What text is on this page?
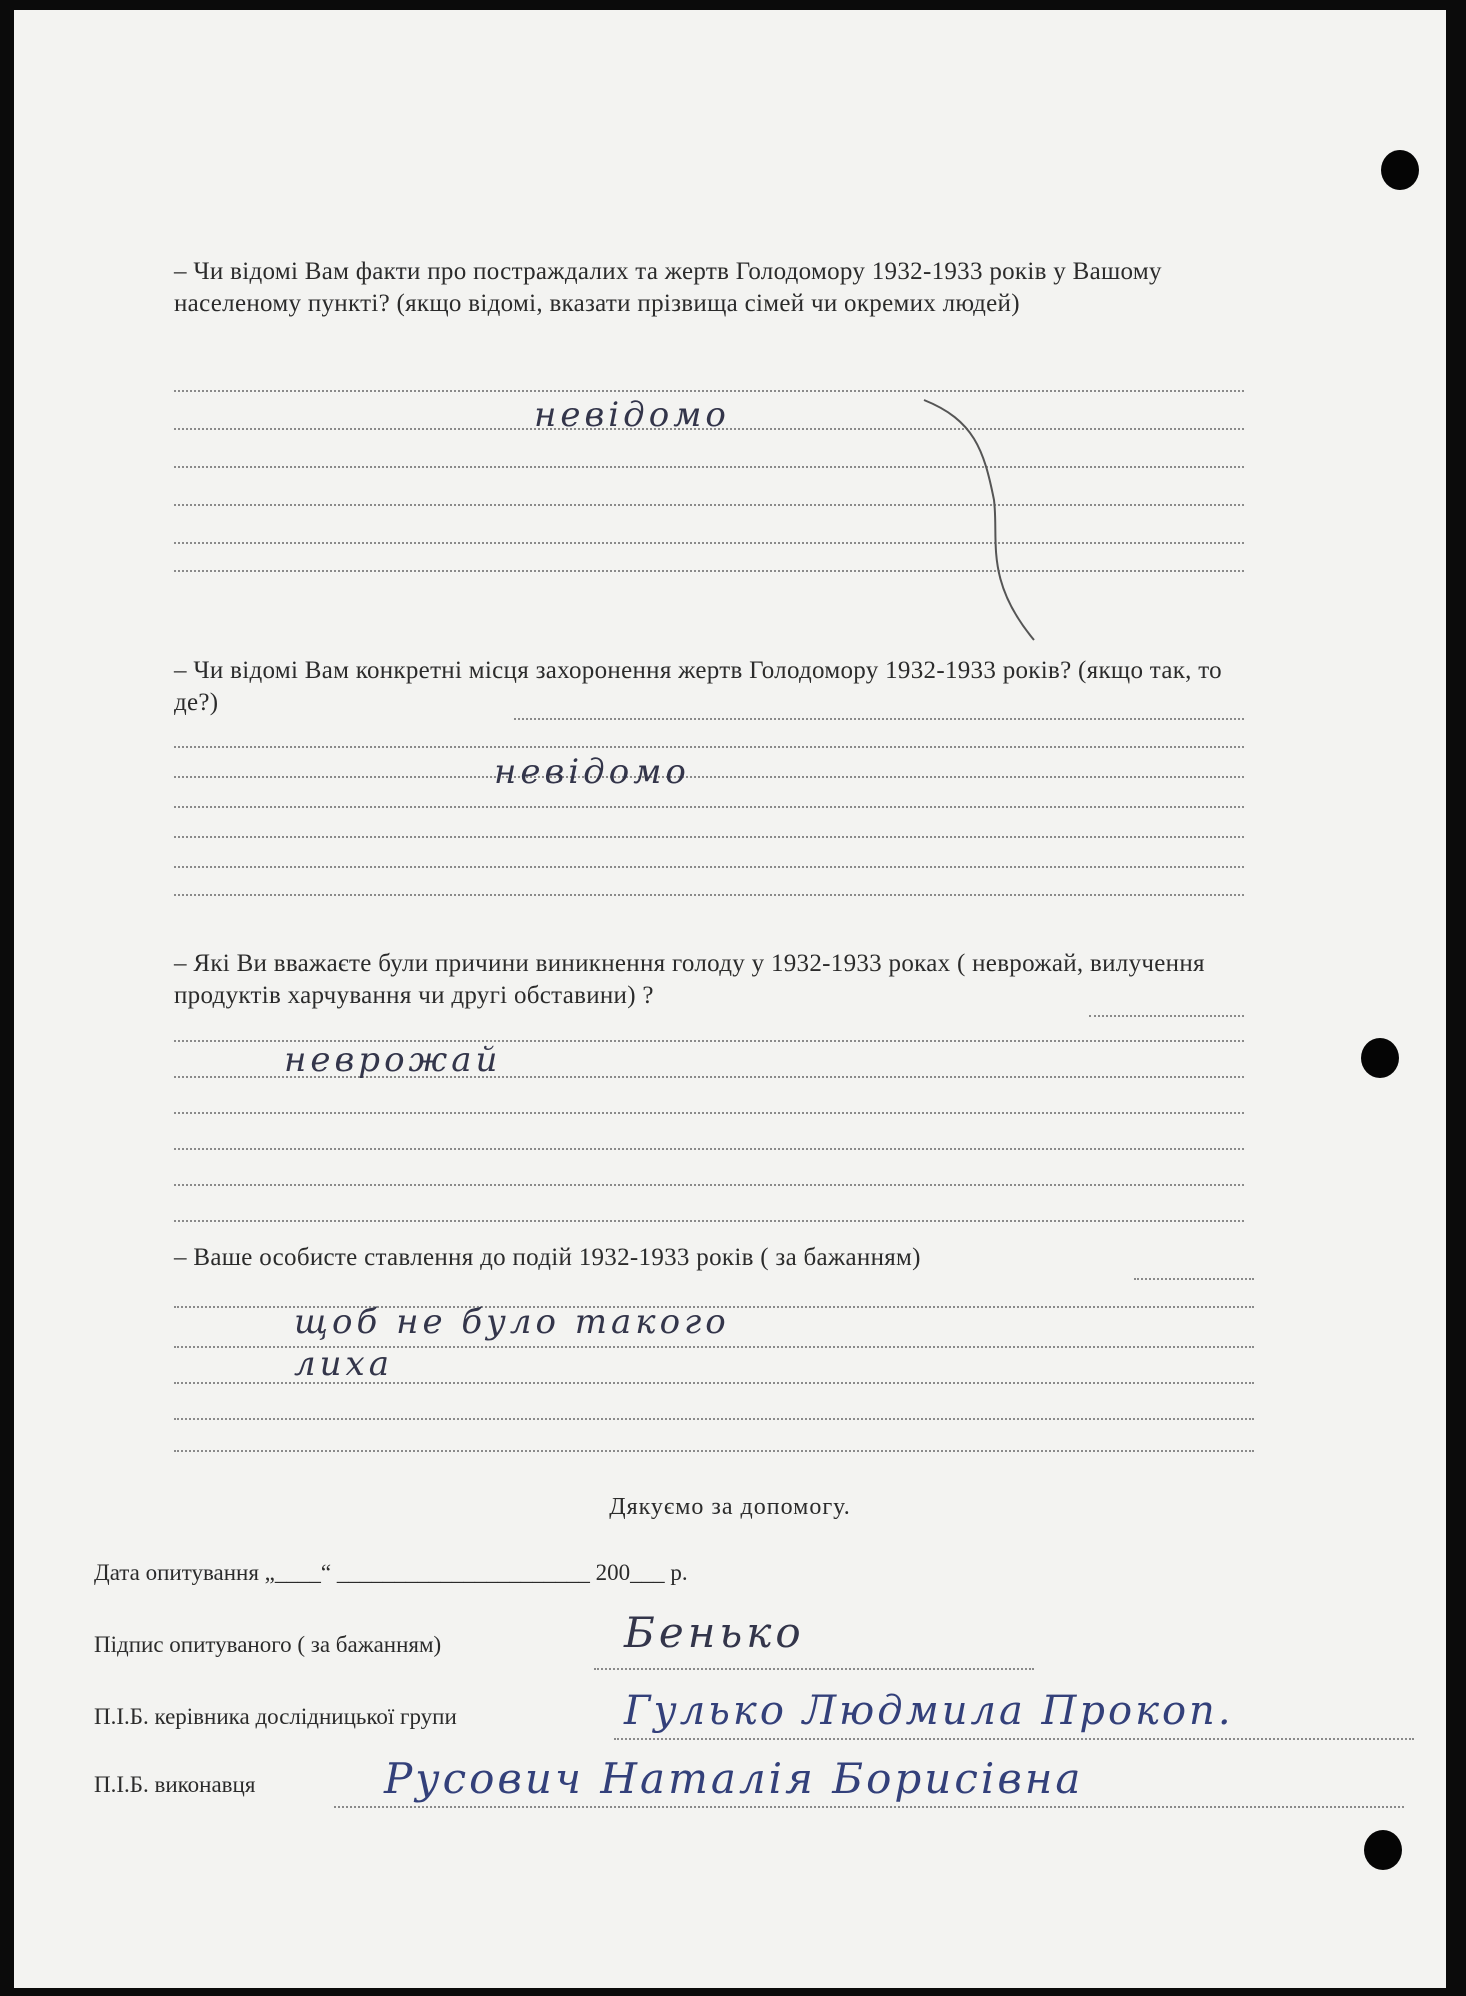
– Чи відомі Вам факти про постраждалих та жертв Голодомору 1932-1933 років у Вашому населеному пункті? (якщо відомі, вказати прізвища сімей чи окремих людей)
невідомо
– Чи відомі Вам конкретні місця захоронення жертв Голодомору 1932-1933 років? (якщо так, то де?)
невідомо
– Які Ви вважаєте були причини виникнення голоду у 1932-1933 роках ( неврожай, вилучення продуктів харчування чи другі обставини) ?
неврожай
– Ваше особисте ставлення до подій 1932-1933 років ( за бажанням)
щоб не було такого
лиха
Дякуємо за допомогу.
Дата опитування „____“ ______________________ 200___ р.
Підпис опитуваного ( за бажанням)	Бенько
П.І.Б. керівника дослідницької групи	Гулько Людмила Прокоп.
П.І.Б. виконавця	Русович Наталія Борисівна
